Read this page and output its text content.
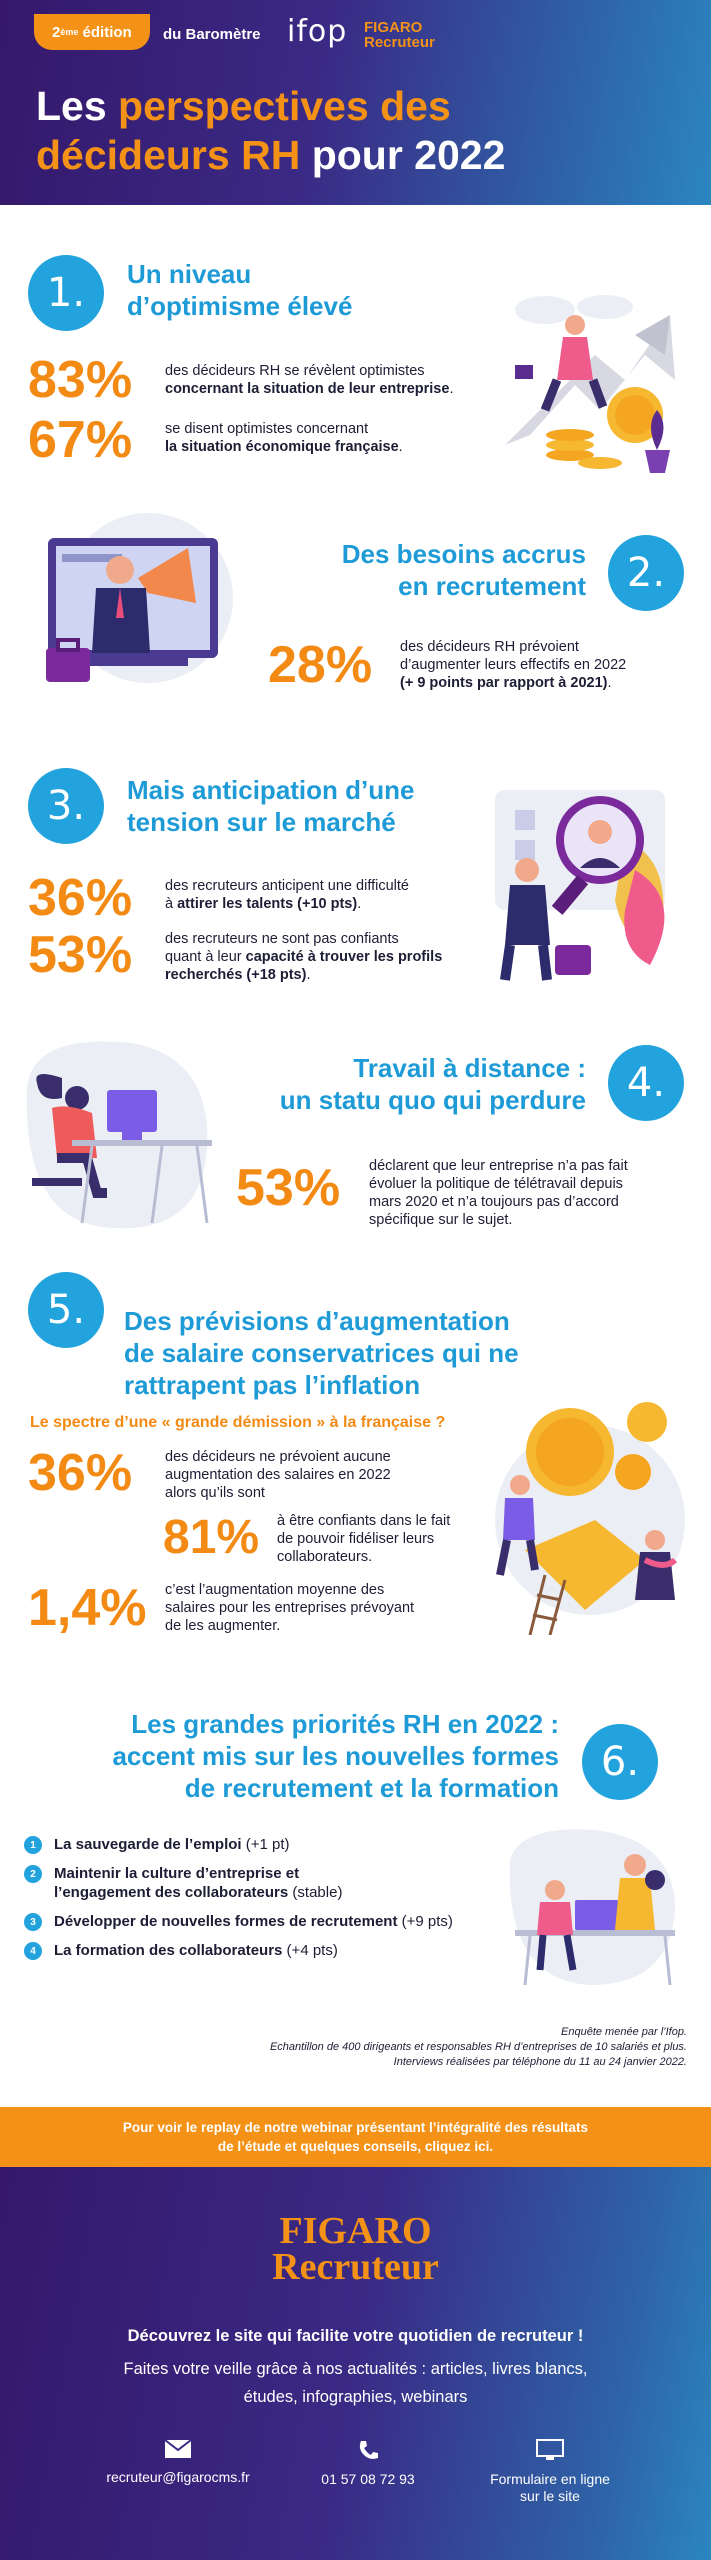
2 ème édition du Baromètre ifop FIGARO
Recruteur
Les perspectives des
décideurs RH pour 2022
1.	Un niveau
d’optimisme élevé
83% des décideurs RH se révèlent optimistes
concernant la situation de leur entreprise.
67% se disent optimistes concernant
la situation économique française.
Des besoins accrus
en recrutement	2.
28% des décideurs RH prévoient
d’augmenter leurs effectifs en 2022
(+ 9 points par rapport à 2021).
3.	Mais anticipation d’une
tension sur le marché
36% des recruteurs anticipent une difficulté
à attirer les talents (+10 pts).
53% des recruteurs ne sont pas confiants
quant à leur capacité à trouver les profils
recherchés (+18 pts).
Travail à distance :
un statu quo qui perdure	4.
53% déclarent que leur entreprise n’a pas fait
évoluer la politique de télétravail depuis
mars 2020 et n’a toujours pas d’accord
spécifique sur le sujet.
5.	Des prévisions d’augmentation
de salaire conservatrices qui ne
rattrapent pas l’inflation
Le spectre d’une « grande démission » à la française ?
36% des décideurs ne prévoient aucune
augmentation des salaires en 2022
alors qu’ils sont
81% à être confiants dans le fait
de pouvoir fidéliser leurs
collaborateurs.
1,4% c’est l’augmentation moyenne des
salaires pour les entreprises prévoyant
de les augmenter.
Les grandes priorités RH en 2022 :
accent mis sur les nouvelles formes
de recrutement et la formation
6.
1	La sauvegarde de l’emploi (+1 pt)
2	Maintenir la culture d’entreprise et l’engagement des collaborateurs (stable)
3	Développer de nouvelles formes de recrutement (+9 pts)
4	La formation des collaborateurs (+4 pts)
Enquête menée par l’Ifop.
Echantillon de 400 dirigeants et responsables RH d’entreprises de 10 salariés et plus.
Interviews réalisées par téléphone du 11 au 24 janvier 2022.
Pour voir le replay de notre webinar présentant l’intégralité des résultats
de l’étude et quelques conseils, cliquez ici.
FIGARO
Recruteur
Découvrez le site qui facilite votre quotidien de recruteur !
Faites votre veille grâce à nos actualités : articles, livres blancs,
études, infographies, webinars
recruteur@figarocms.fr	01 57 08 72 93	Formulaire en ligne
sur le site
